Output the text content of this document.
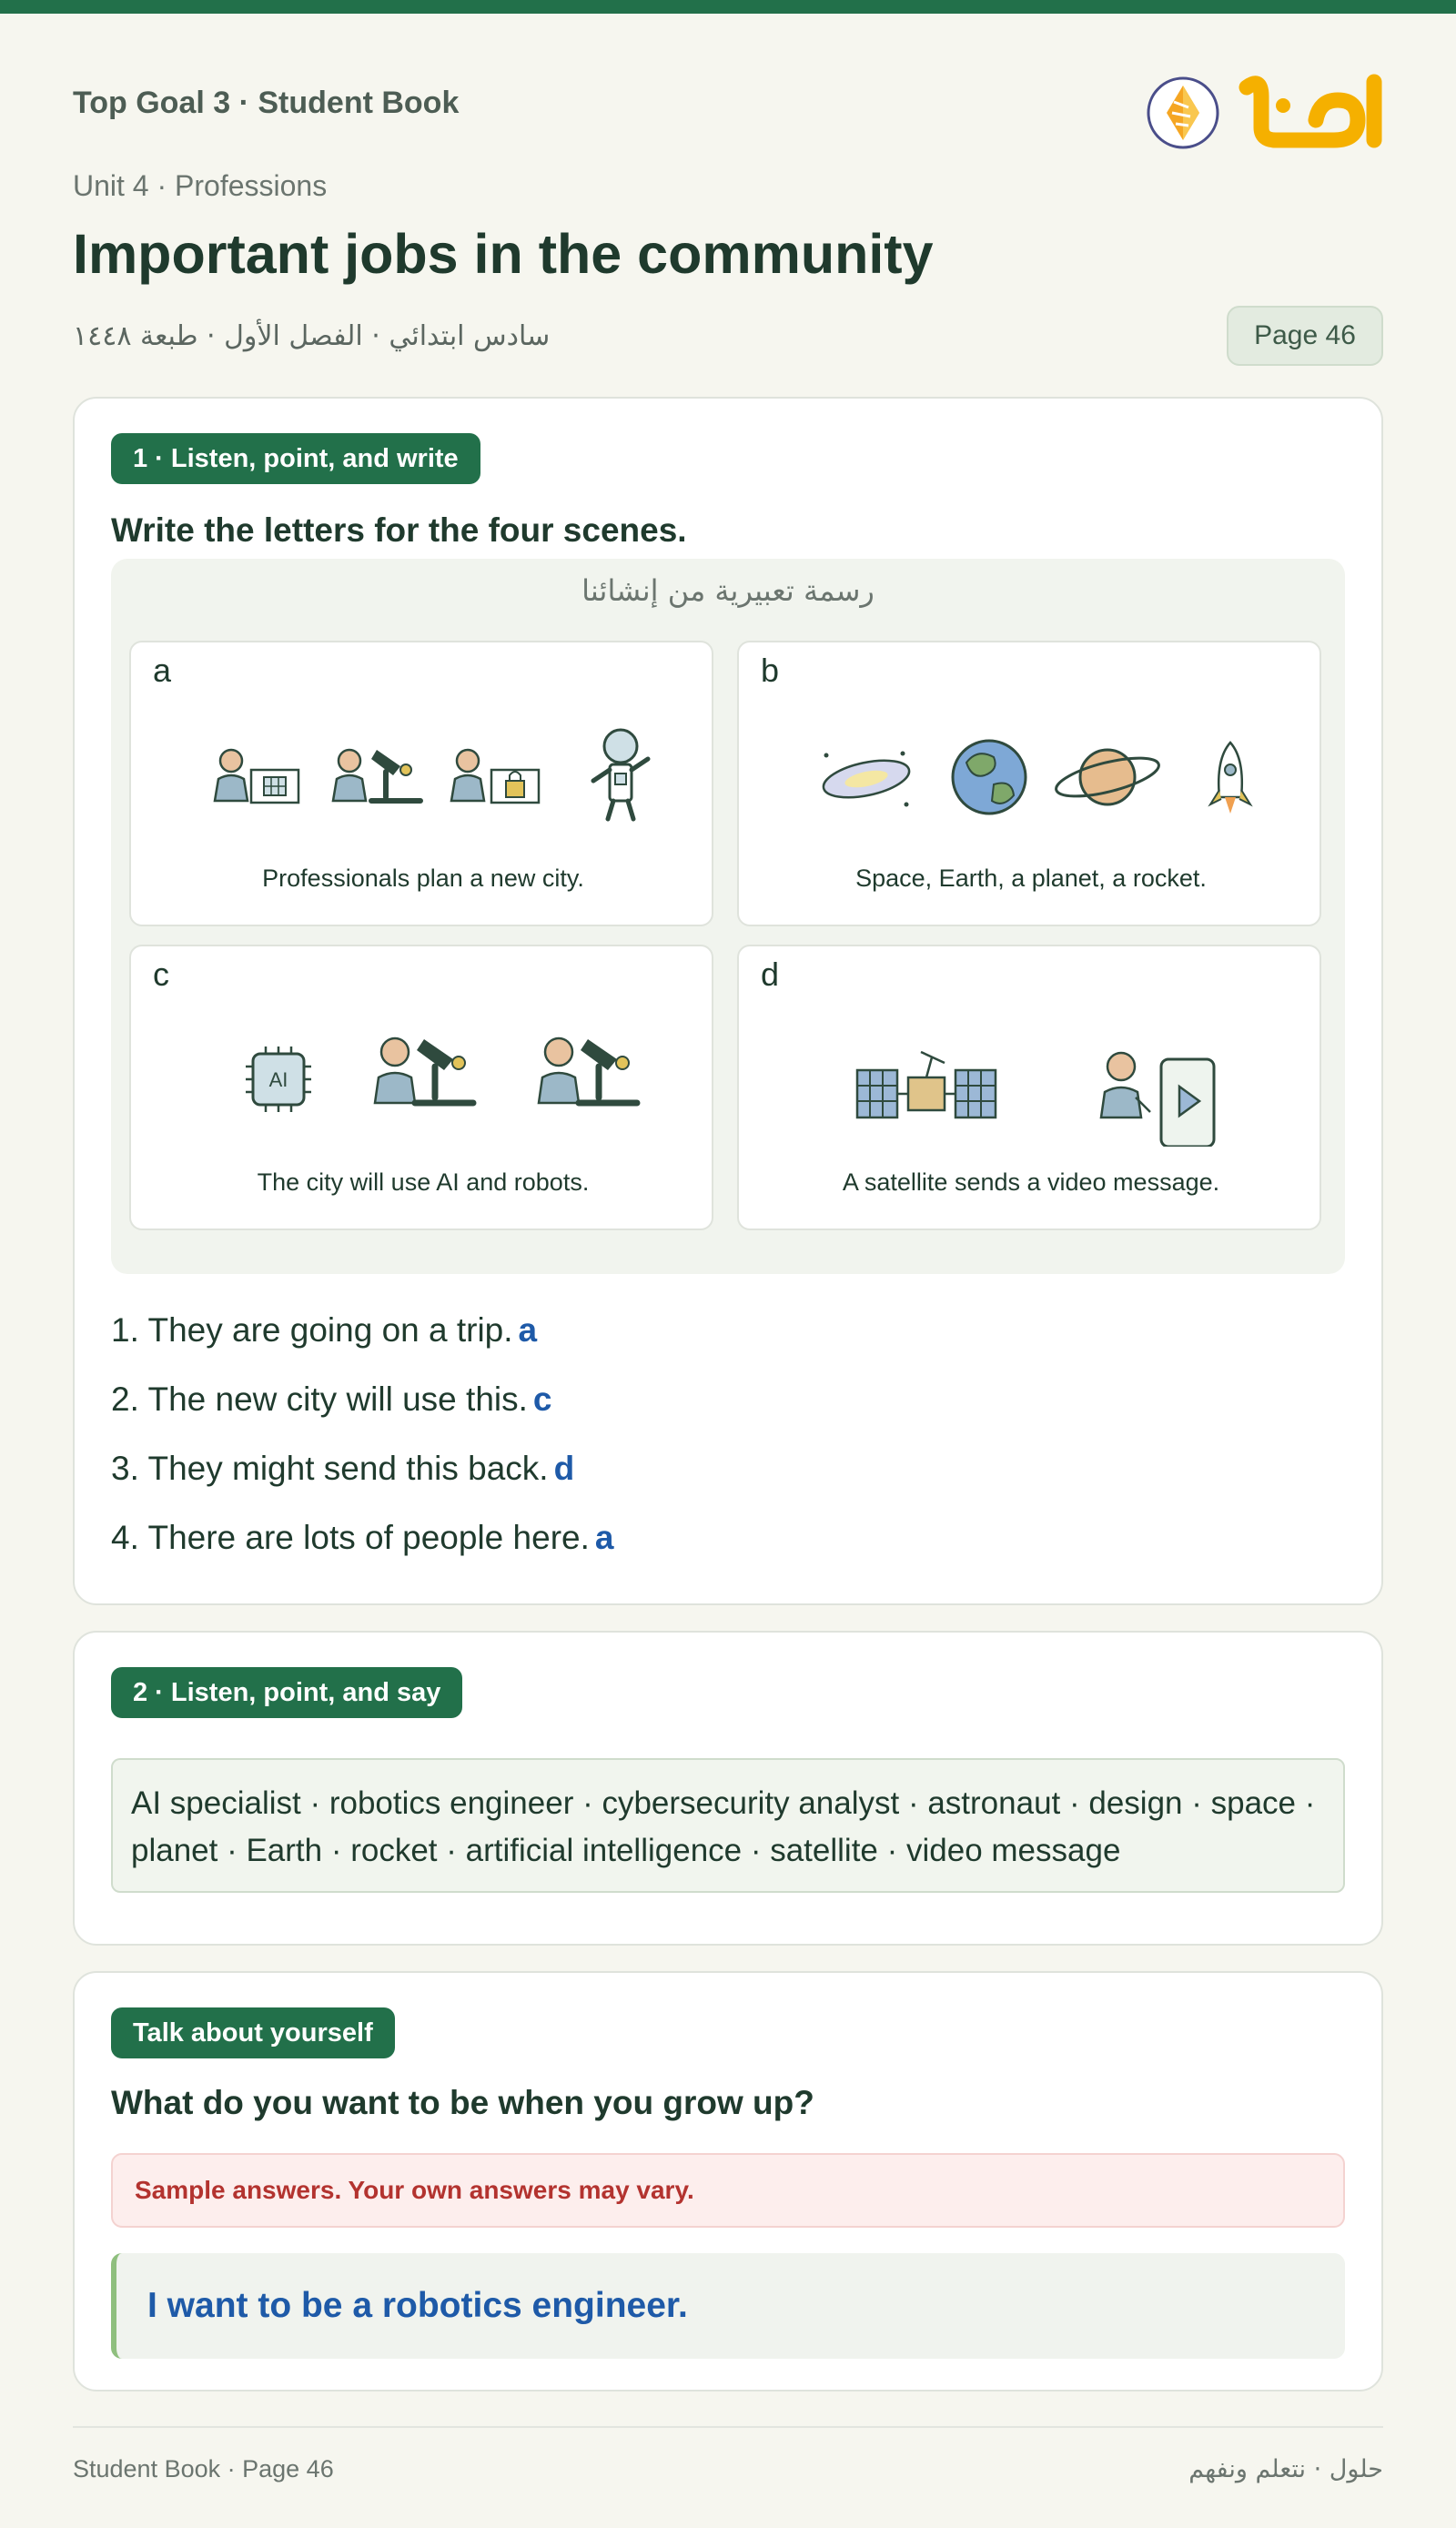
Top Goal 3 · Student Book
Unit 4 · Professions
Important jobs in the community
سادس ابتدائي · الفصل الأول · طبعة ١٤٤٨	Page 46
1 · Listen, point, and write
Write the letters for the four scenes.
رسمة تعبيرية من إنشائنا
a
Professionals plan a new city.
b
Space, Earth, a planet, a rocket.
c
AI
The city will use AI and robots.
d
A satellite sends a video message.
1. They are going on a trip. a
2. The new city will use this. c
3. They might send this back. d
4. There are lots of people here. a
2 · Listen, point, and say
AI specialist · robotics engineer · cybersecurity analyst · astronaut · design · space · planet · Earth · rocket · artificial intelligence · satellite · video message
Talk about yourself
What do you want to be when you grow up?
Sample answers. Your own answers may vary.
I want to be a robotics engineer.
Student Book · Page 46	حلول · نتعلم ونفهم
